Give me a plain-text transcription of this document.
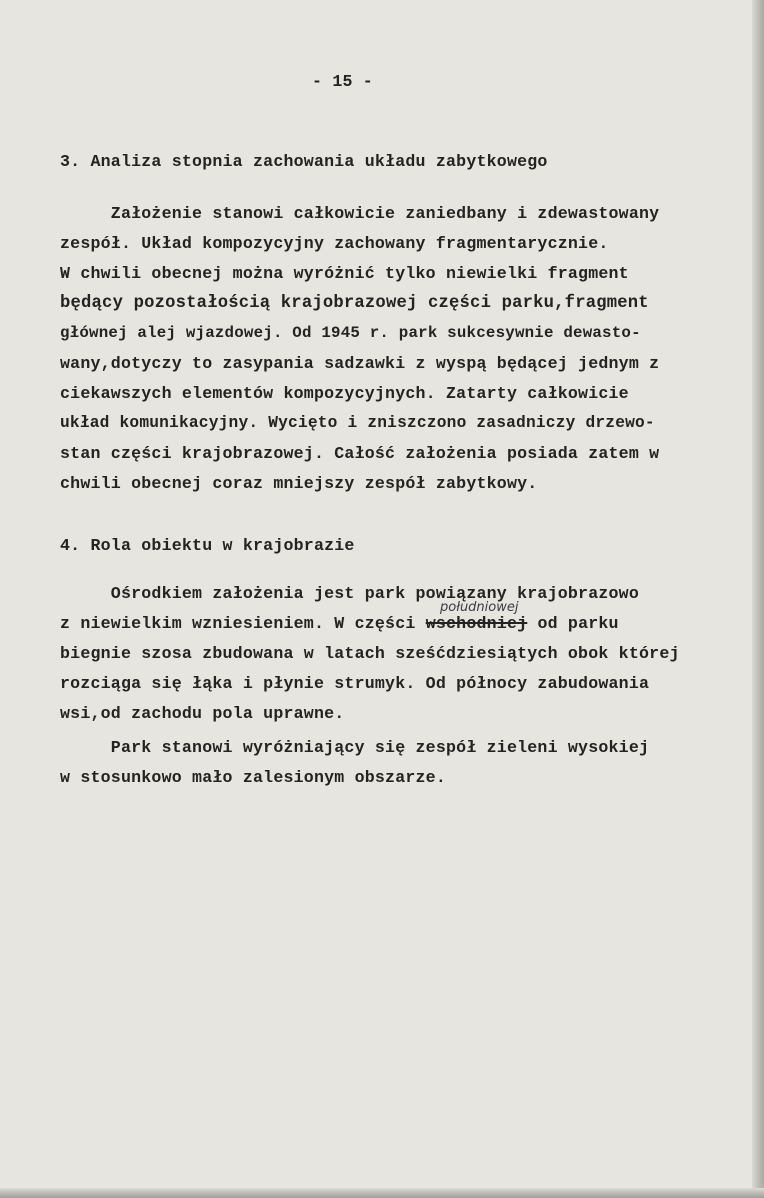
- 15 -
3. Analiza stopnia zachowania układu zabytkowego
Założenie stanowi całkowicie zaniedbany i zdewastowany
zespół. Układ kompozycyjny zachowany fragmentarycznie.
W chwili obecnej można wyróżnić tylko niewielki fragment
będący pozostałością krajobrazowej części parku,fragment
głównej alej wjazdowej. Od 1945 r. park sukcesywnie dewasto-
wany,dotyczy to zasypania sadzawki z wyspą będącej jednym z
ciekawszych elementów kompozycyjnych. Zatarty całkowicie
układ komunikacyjny. Wycięto i zniszczono zasadniczy drzewo-
stan części krajobrazowej. Całość założenia posiada zatem w
chwili obecnej coraz mniejszy zespół zabytkowy.
4. Rola obiektu w krajobrazie
Ośrodkiem założenia jest park powiązany krajobrazowo
południowej
z niewielkim wzniesieniem. W części wschodniej od parku
biegnie szosa zbudowana w latach sześćdziesiątych obok której
rozciąga się łąka i płynie strumyk. Od północy zabudowania
wsi,od zachodu pola uprawne.
Park stanowi wyróżniający się zespół zieleni wysokiej
w stosunkowo mało zalesionym obszarze.
